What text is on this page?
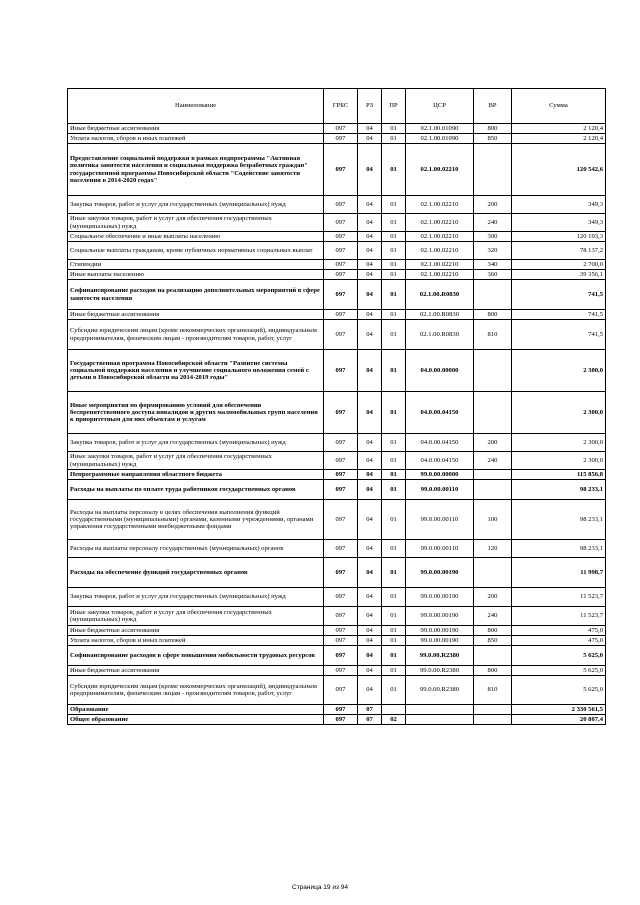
Наименование	ГРБС	РЗ	ПР	ЦСР	ВР	Сумма
Иные бюджетные ассигнования	097	04	01	02.1.00.01090	800	2 120,4
Уплата налогов, сборов и иных платежей	097	04	01	02.1.00.01090	850	2 120,4
Предоставление социальной поддержки в рамках подпрограммы "Активная политика занятости населения и социальная поддержка безработных граждан" государственной программы Новосибирской области "Содействие занятости населения в 2014-2020 годах"	097	04	01	02.1.00.02210		120 542,6
Закупка товаров, работ и услуг для государственных (муниципальных) нужд	097	04	01	02.1.00.02210	200	349,3
Иные закупки товаров, работ и услуг для обеспечения государственных (муниципальных) нужд	097	04	01	02.1.00.02210	240	349,3
Социальное обеспечение и иные выплаты населению	097	04	01	02.1.00.02210	300	120 193,3
Социальные выплаты гражданам, кроме публичных нормативных социальных выплат	097	04	01	02.1.00.02210	320	78 137,2
Стипендии	097	04	01	02.1.00.02210	340	2 700,0
Иные выплаты населению	097	04	01	02.1.00.02210	360	39 356,1
Софинансирование расходов на реализацию дополнительных мероприятий в сфере занятости населения	097	04	01	02.1.00.R0830		741,5
Иные бюджетные ассигнования	097	04	01	02.1.00.R0830	800	741,5
Субсидии юридическим лицам (кроме некоммерческих организаций), индивидуальным предпринимателям, физическим лицам - производителям товаров, работ, услуг	097	04	01	02.1.00.R0830	810	741,5
Государственная программа Новосибирской области "Развитие системы социальной поддержки населения и улучшение социального положения семей с детьми в Новосибирской области на 2014-2019 годы"	097	04	01	04.0.00.00000		2 300,0
Иные мероприятия по формированию условий для обеспечения беспрепятственного доступа инвалидов и других маломобильных групп населения к приоритетным для них объектам и услугам	097	04	01	04.0.00.04150		2 300,0
Закупка товаров, работ и услуг для государственных (муниципальных) нужд	097	04	01	04.0.00.04150	200	2 300,0
Иные закупки товаров, работ и услуг для обеспечения государственных (муниципальных) нужд	097	04	01	04.0.00.04150	240	2 300,0
Непрограммные направления областного бюджета	097	04	01	99.0.00.00000		115 856,8
Расходы на выплаты по оплате труда работников государственных органов	097	04	01	99.0.00.00110		98 233,1
Расходы на выплаты персоналу в целях обеспечения выполнения функций государственными (муниципальными) органами, казенными учреждениями, органами управления государственными внебюджетными фондами	097	04	01	99.0.00.00110	100	98 233,1
Расходы на выплаты персоналу государственных (муниципальных) органов	097	04	01	99.0.00.00110	120	98 233,1
Расходы на обеспечение функций государственных органов	097	04	01	99.0.00.00190		11 998,7
Закупка товаров, работ и услуг для государственных (муниципальных) нужд	097	04	01	99.0.00.00190	200	11 523,7
Иные закупки товаров, работ и услуг для обеспечения государственных (муниципальных) нужд	097	04	01	99.0.00.00190	240	11 523,7
Иные бюджетные ассигнования	097	04	01	99.0.00.00190	800	475,0
Уплата налогов, сборов и иных платежей	097	04	01	99.0.00.00190	850	475,0
Софинансирование расходов в сфере повышения мобильности трудовых ресурсов	097	04	01	99.0.00.R2380		5 625,0
Иные бюджетные ассигнования	097	04	01	99.0.00.R2380	800	5 625,0
Субсидии юридическим лицам (кроме некоммерческих организаций), индивидуальным предпринимателям, физическим лицам - производителям товаров, работ, услуг	097	04	01	99.0.00.R2380	810	5 625,0
Образование	097	07				2 330 561,5
Общее образование	097	07	02			20 807,4
Страница 19 из 94
